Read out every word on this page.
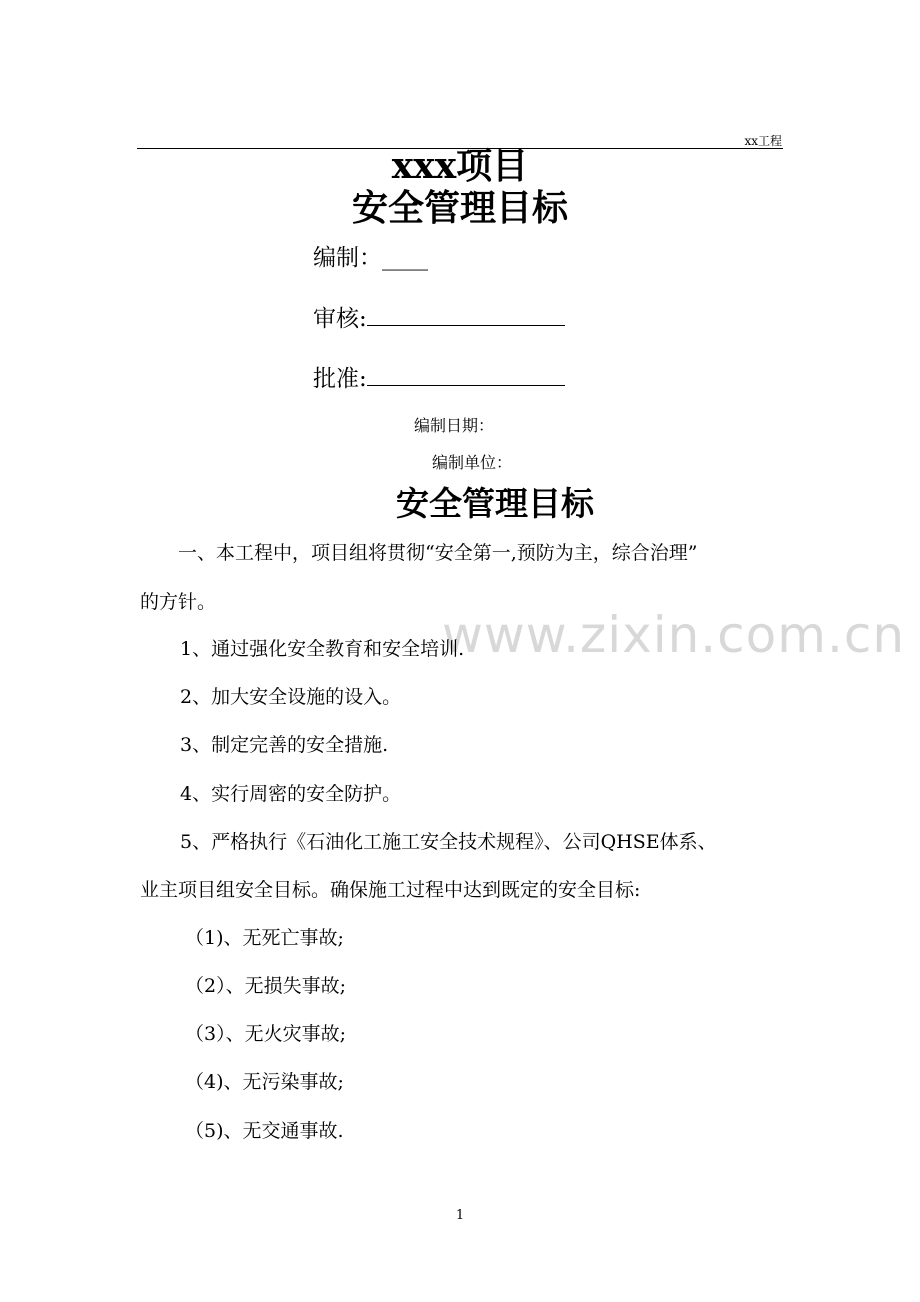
xx工程
xxx项目
安全管理目标
编制：____
审核:
批准:
编制日期：
编制单位：
安全管理目标
www.zixin.com.cn
一、本工程中，项目组将贯彻“安全第一,预防为主，综合治理”
的方针。
1、通过强化安全教育和安全培训.
2、加大安全设施的设入。
3、制定完善的安全措施.
4、实行周密的安全防护。
5、严格执行《石油化工施工安全技术规程》、公司QHSE体系、
业主项目组安全目标。确保施工过程中达到既定的安全目标:
（1)、无死亡事故;
（2）、无损失事故;
（3）、无火灾事故;
（4)、无污染事故;
（5)、无交通事故.
1
